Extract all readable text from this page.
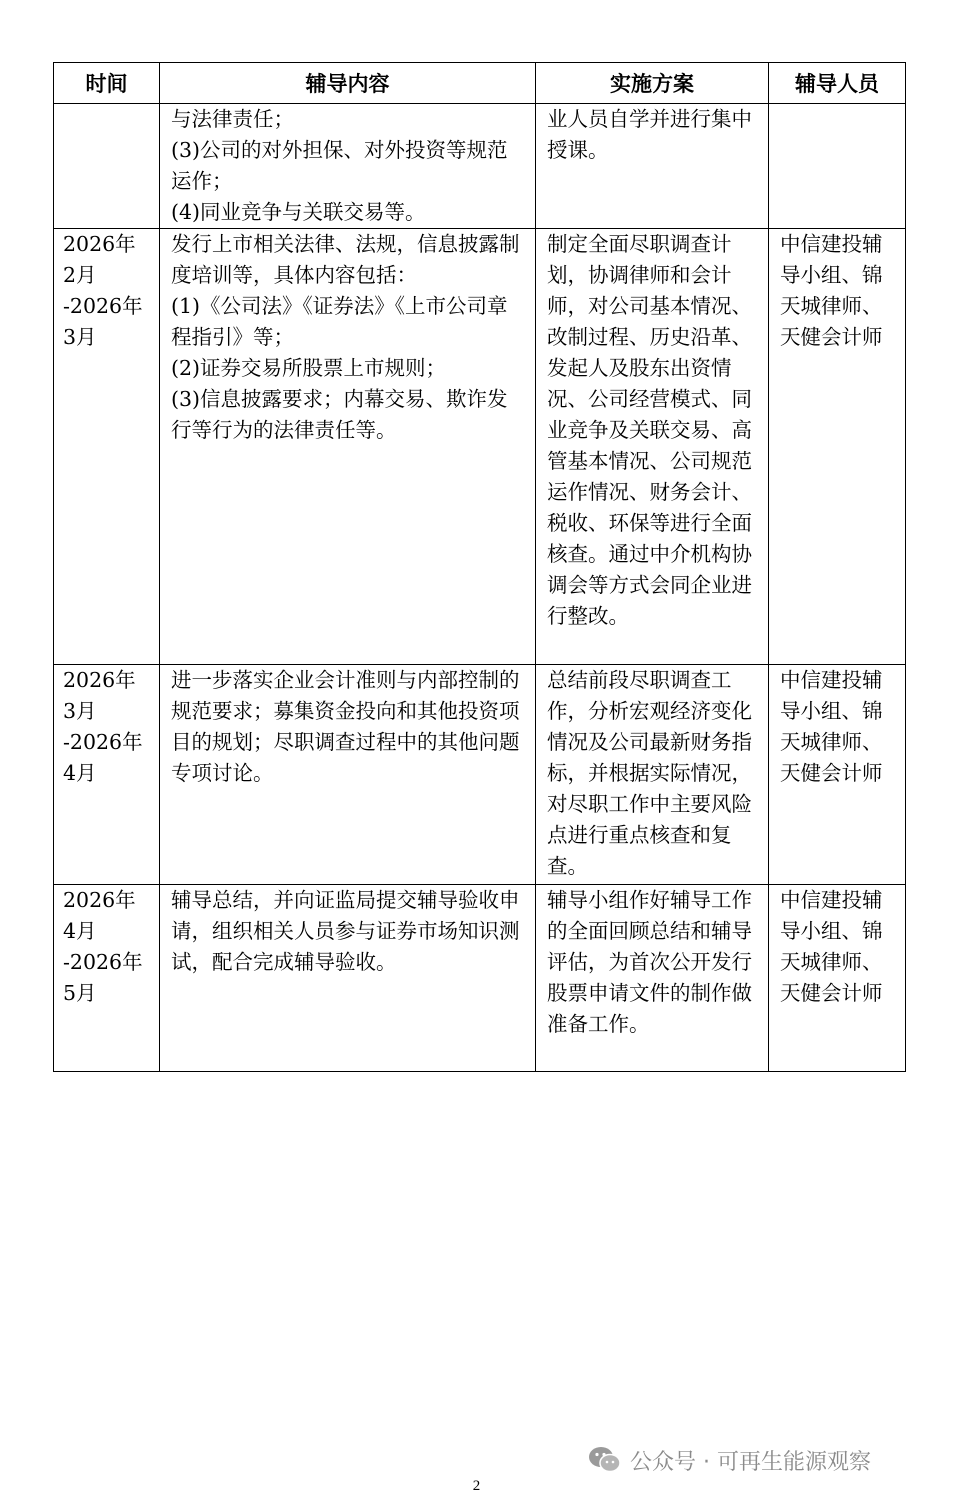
时间	辅导内容	实施方案	辅导人员

	与法律责任；
(3)公司的对外担保、对外投资等规范运作；
(4)同业竞争与关联交易等。	业人员自学并进行集中授课。	

2026年
2月
-2026年
3月	发行上市相关法律、法规，信息披露制度培训等，具体内容包括：
(1)《公司法》《证券法》《上市公司章程指引》等；
(2)证券交易所股票上市规则；
(3)信息披露要求；内幕交易、欺诈发行等行为的法律责任等。	制定全面尽职调查计划，协调律师和会计师，对公司基本情况、改制过程、历史沿革、发起人及股东出资情况、公司经营模式、同业竞争及关联交易、高管基本情况、公司规范运作情况、财务会计、税收、环保等进行全面核查。通过中介机构协调会等方式会同企业进行整改。	中信建投辅导小组、锦天城律师、天健会计师

2026年
3月
-2026年
4月	进一步落实企业会计准则与内部控制的规范要求；募集资金投向和其他投资项目的规划；尽职调查过程中的其他问题专项讨论。	总结前段尽职调查工作，分析宏观经济变化情况及公司最新财务指标，并根据实际情况，对尽职工作中主要风险点进行重点核查和复查。	中信建投辅导小组、锦天城律师、天健会计师

2026年
4月
-2026年
5月	辅导总结，并向证监局提交辅导验收申请，组织相关人员参与证券市场知识测试，配合完成辅导验收。	辅导小组作好辅导工作的全面回顾总结和辅导评估，为首次公开发行股票申请文件的制作做准备工作。	中信建投辅导小组、锦天城律师、天健会计师
公众号 · 可再生能源观察
2
